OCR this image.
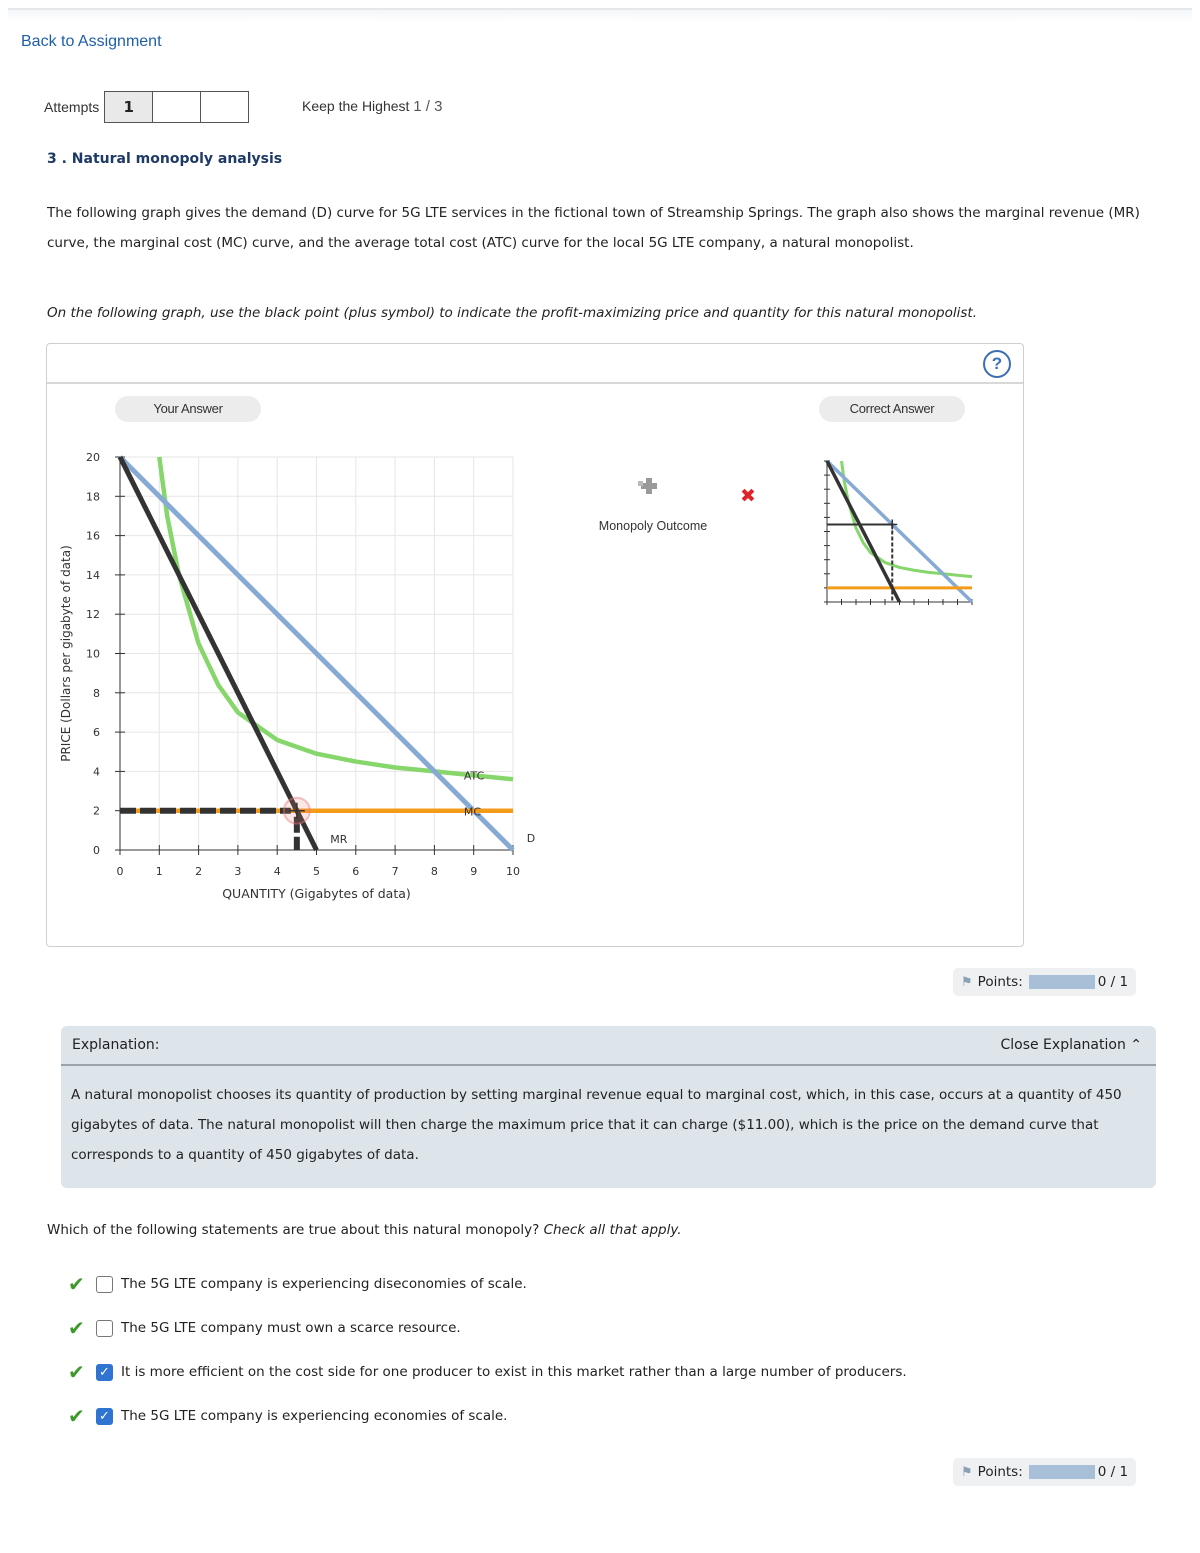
Back to Assignment
Attempts	1	Keep the Highest 1 / 3
3 . Natural monopoly analysis
The following graph gives the demand (D) curve for 5G LTE services in the fictional town of Streamship Springs. The graph also shows the marginal revenue (MR) curve, the marginal cost (MC) curve, and the average total cost (ATC) curve for the local 5G LTE company, a natural monopolist.
On the following graph, use the black point (plus symbol) to indicate the profit-maximizing price and quantity for this natural monopolist.
?
Your Answer	Correct Answer
0	1	2	3	4	5	6	7	8	9	10
0
2
4
6
8
10
12
14
16
18
20
QUANTITY (Gigabytes of data)
PRICE (Dollars per gigabyte of data)
ATC
MC
MR	D
Monopoly Outcome
✖
⚑ Points:	0 / 1
Explanation:	Close Explanation ⌃
A natural monopolist chooses its quantity of production by setting marginal revenue equal to marginal cost, which, in this case, occurs at a quantity of 450 gigabytes of data. The natural monopolist will then charge the maximum price that it can charge ($11.00), which is the price on the demand curve that corresponds to a quantity of 450 gigabytes of data.
Which of the following statements are true about this natural monopoly? Check all that apply.
✔	The 5G LTE company is experiencing diseconomies of scale.
✔	The 5G LTE company must own a scarce resource.
✔	✓ It is more efficient on the cost side for one producer to exist in this market rather than a large number of producers.
✔	✓ The 5G LTE company is experiencing economies of scale.
⚑ Points:	0 / 1
